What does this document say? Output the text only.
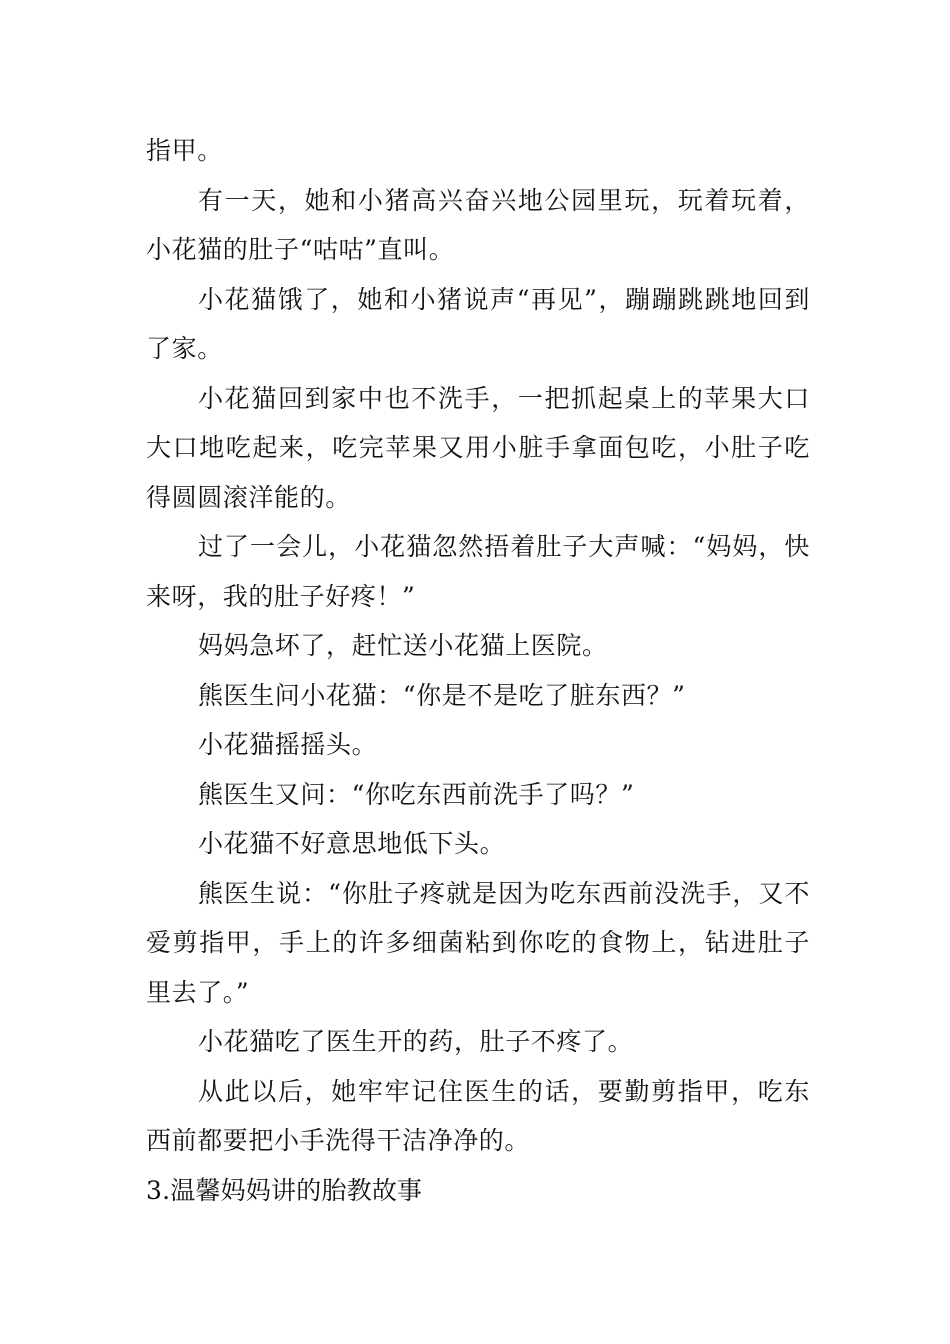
指甲。

有一天，她和小猪高兴奋兴地公园里玩，玩着玩着，小花猫的肚子“咕咕”直叫。

小花猫饿了，她和小猪说声“再见”，蹦蹦跳跳地回到了家。

小花猫回到家中也不洗手，一把抓起桌上的苹果大口大口地吃起来，吃完苹果又用小脏手拿面包吃，小肚子吃得圆圆滚洋能的。

过了一会儿，小花猫忽然捂着肚子大声喊：“妈妈，快来呀，我的肚子好疼！”

妈妈急坏了，赶忙送小花猫上医院。

熊医生问小花猫：“你是不是吃了脏东西？”

小花猫摇摇头。

熊医生又问：“你吃东西前洗手了吗？”

小花猫不好意思地低下头。

熊医生说：“你肚子疼就是因为吃东西前没洗手，又不爱剪指甲，手上的许多细菌粘到你吃的食物上，钻进肚子里去了。”

小花猫吃了医生开的药，肚子不疼了。

从此以后，她牢牢记住医生的话，要勤剪指甲，吃东西前都要把小手洗得干洁净净的。

3.温馨妈妈讲的胎教故事
